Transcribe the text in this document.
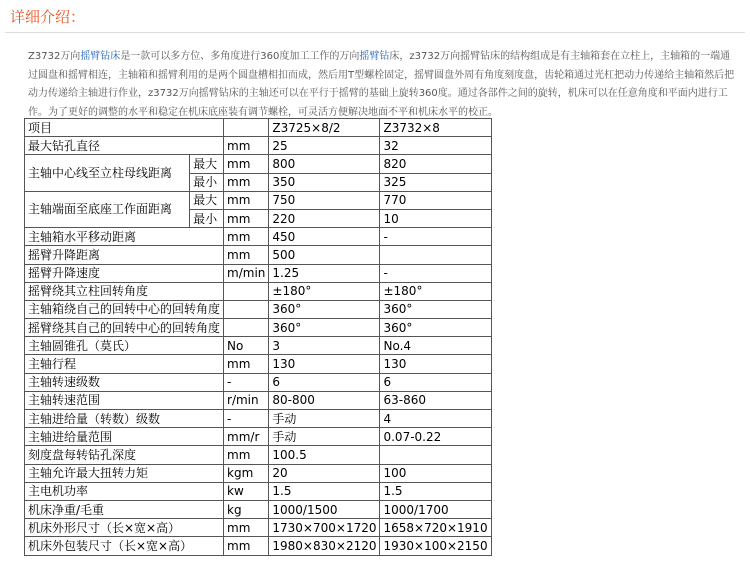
详细介绍：

Z3732万向摇臂钻床是一款可以多方位、多角度进行360度加工工作的万向摇臂钻床，z3732万向摇臂钻床的结构组成是有主轴箱套在立柱上，主轴箱的一端通过圆盘和摇臂相连，主轴箱和摇臂利用的是两个圆盘槽相扣而成，然后用T型螺栓固定，摇臂圆盘外周有角度刻度盘，齿轮箱通过光杠把动力传递给主轴箱然后把动力传递给主轴进行作业，z3732万向摇臂钻床的主轴还可以在平行于摇臂的基础上旋转360度。通过各部件之间的旋转，机床可以在任意角度和平面内进行工作。为了更好的调整的水平和稳定在机床底座装有调节螺栓，可灵活方便解决地面不平和机床水平的校正。

项目			Z3725×8/2	Z3732×8
最大钻孔直径		mm	25	32
主轴中心线至立柱母线距离	最大	mm	800	820
	最小	mm	350	325
主轴端面至底座工作面距离	最大	mm	750	770
	最小	mm	220	10
主轴箱水平移动距离		mm	450	-
摇臂升降距离		mm	500	
摇臂升降速度		m/min	1.25	-
摇臂绕其立柱回转角度			±180°	±180°
主轴箱绕自己的回转中心的回转角度			360°	360°
摇臂绕其自己的回转中心的回转角度			360°	360°
主轴圆锥孔（莫氏）		No	3	No.4
主轴行程		mm	130	130
主轴转速级数		-	6	6
主轴转速范围		r/min	80-800	63-860
主轴进给量（转数）级数		-	手动	4
主轴进给量范围		mm/r	手动	0.07-0.22
刻度盘每转钻孔深度		mm	100.5	
主轴允许最大扭转力矩		kgm	20	100
主电机功率		kw	1.5	1.5
机床净重/毛重		kg	1000/1500	1000/1700
机床外形尺寸（长×宽×高）		mm	1730×700×1720	1658×720×1910
机床外包装尺寸（长×宽×高）		mm	1980×830×2120	1930×100×2150
